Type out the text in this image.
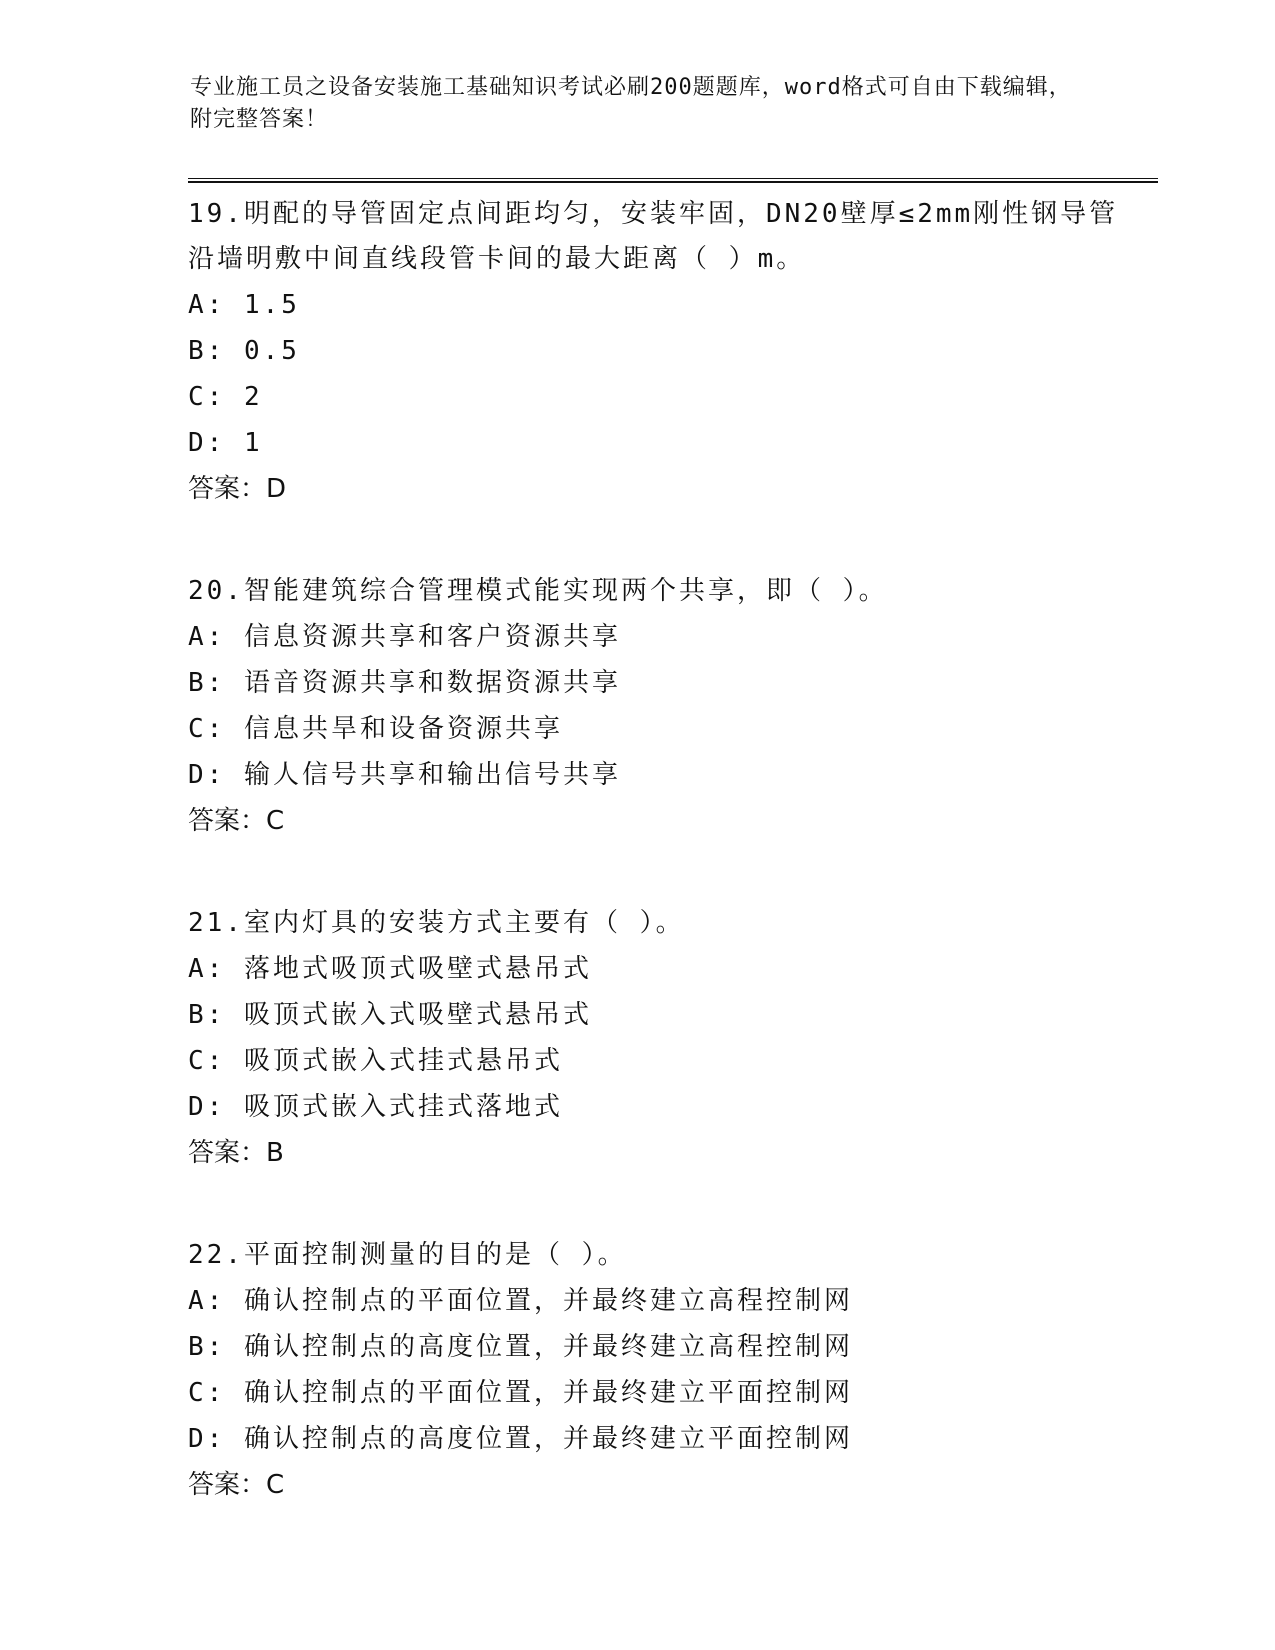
专业施工员之设备安装施工基础知识考试必刷200题题库，word格式可自由下载编辑，附完整答案！

19.明配的导管固定点间距均匀，安装牢固，DN20壁厚≤2mm刚性钢导管沿墙明敷中间直线段管卡间的最大距离（ ）m。

A: 1.5

B: 0.5

C: 2

D: 1

答案：D

20.智能建筑综合管理模式能实现两个共享，即（ ）。

A: 信息资源共享和客户资源共享

B: 语音资源共享和数据资源共享

C: 信息共旱和设备资源共享

D: 输人信号共享和输出信号共享

答案：C

21.室内灯具的安装方式主要有（ ）。

A: 落地式吸顶式吸壁式悬吊式

B: 吸顶式嵌入式吸壁式悬吊式

C: 吸顶式嵌入式挂式悬吊式

D: 吸顶式嵌入式挂式落地式

答案：B

22.平面控制测量的目的是（ ）。

A: 确认控制点的平面位置，并最终建立高程控制网

B: 确认控制点的高度位置，并最终建立高程控制网

C: 确认控制点的平面位置，并最终建立平面控制网

D: 确认控制点的高度位置，并最终建立平面控制网

答案：C
